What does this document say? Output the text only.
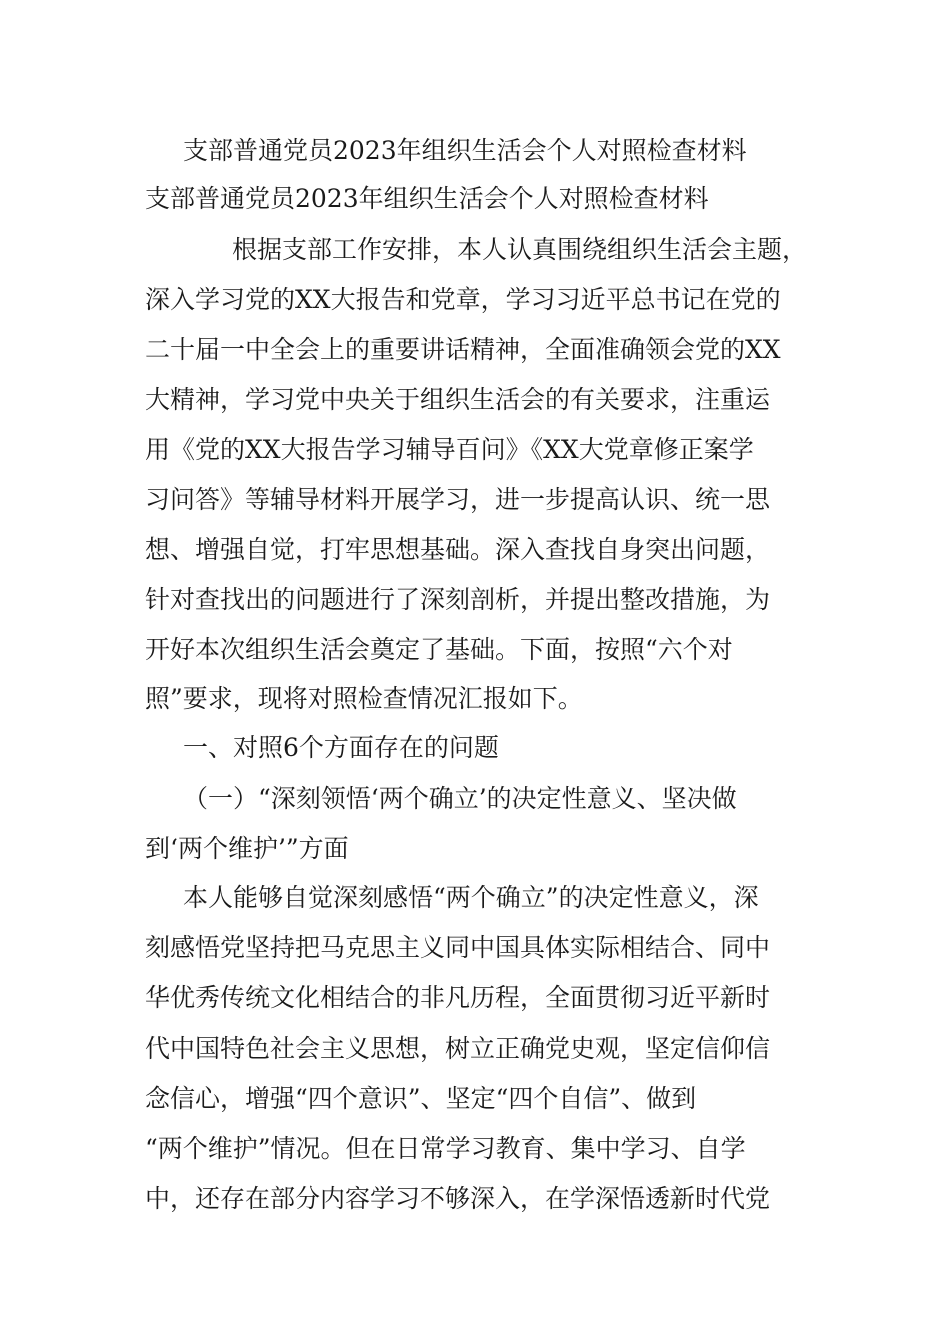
支部普通党员2023年组织生活会个人对照检查材料
支部普通党员2023年组织生活会个人对照检查材料
根据支部工作安排，本人认真围绕组织生活会主题，
深入学习党的XX大报告和党章，学习习近平总书记在党的
二十届一中全会上的重要讲话精神，全面准确领会党的XX
大精神，学习党中央关于组织生活会的有关要求，注重运
用《党的XX大报告学习辅导百问》《XX大党章修正案学
习问答》等辅导材料开展学习，进一步提高认识、统一思
想、增强自觉，打牢思想基础。深入查找自身突出问题，
针对查找出的问题进行了深刻剖析，并提出整改措施，为
开好本次组织生活会奠定了基础。下面，按照“六个对
照”要求，现将对照检查情况汇报如下。
一、对照6个方面存在的问题
（一）“深刻领悟‘两个确立’的决定性意义、坚决做
到‘两个维护’”方面
本人能够自觉深刻感悟“两个确立”的决定性意义，深
刻感悟党坚持把马克思主义同中国具体实际相结合、同中
华优秀传统文化相结合的非凡历程，全面贯彻习近平新时
代中国特色社会主义思想，树立正确党史观，坚定信仰信
念信心，增强“四个意识”、坚定“四个自信”、做到
“两个维护”情况。但在日常学习教育、集中学习、自学
中，还存在部分内容学习不够深入，在学深悟透新时代党
